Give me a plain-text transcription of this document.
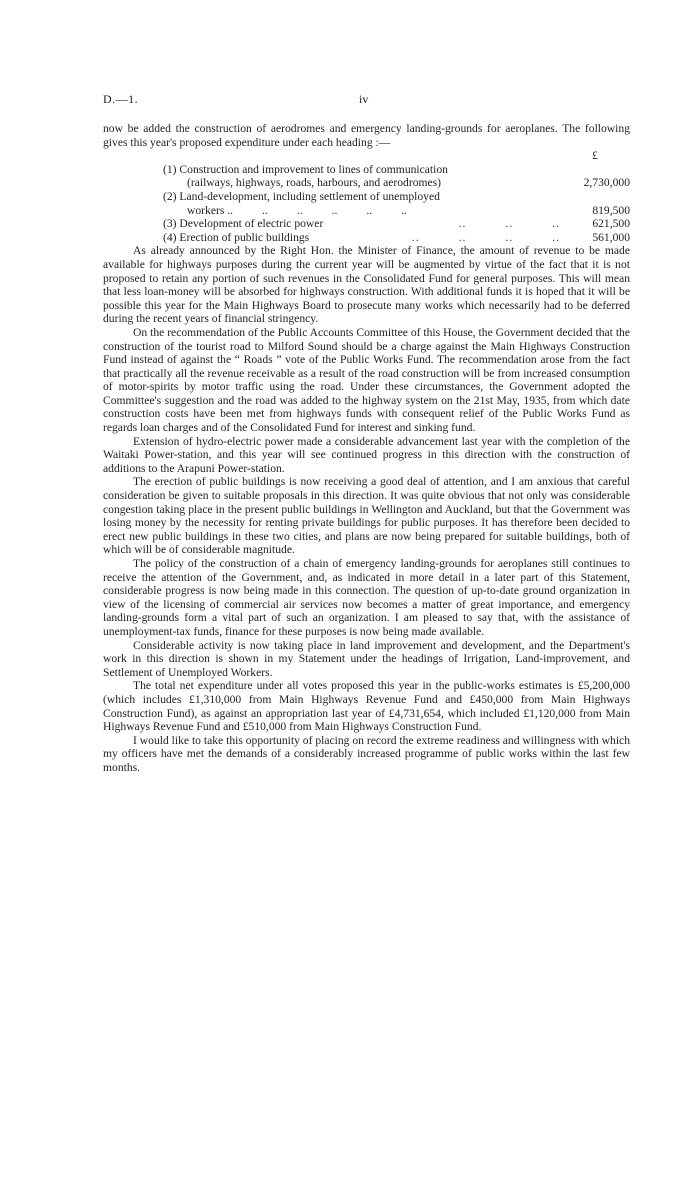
D.—1.	iv

now be added the construction of aerodromes and emergency landing-grounds for aeroplanes. The following gives this year's proposed expenditure under each heading :—

£
(1) Construction and improvement to lines of communication
(railways, highways, roads, harbours, and aerodromes)	2,730,000
(2) Land-development, including settlement of unemployed
workers ..          ..          ..          ..          ..          ..	819,500
(3) Development of electric power	..          ..          ..	621,500
(4) Erection of public buildings	..          ..          ..          ..	561,000

As already announced by the Right Hon. the Minister of Finance, the amount of revenue to be made available for highways purposes during the current year will be augmented by virtue of the fact that it is not proposed to retain any portion of such revenues in the Consolidated Fund for general purposes. This will mean that less loan-money will be absorbed for highways construction. With additional funds it is hoped that it will be possible this year for the Main Highways Board to prosecute many works which necessarily had to be deferred during the recent years of financial stringency.

On the recommendation of the Public Accounts Committee of this House, the Government decided that the construction of the tourist road to Milford Sound should be a charge against the Main Highways Construction Fund instead of against the “ Roads ” vote of the Public Works Fund. The recommendation arose from the fact that practically all the revenue receivable as a result of the road construction will be from increased consumption of motor-spirits by motor traffic using the road. Under these circumstances, the Government adopted the Committee's suggestion and the road was added to the highway system on the 21st May, 1935, from which date construction costs have been met from highways funds with consequent relief of the Public Works Fund as regards loan charges and of the Consolidated Fund for interest and sinking fund.

Extension of hydro-electric power made a considerable advancement last year with the completion of the Waitaki Power-station, and this year will see continued progress in this direction with the construction of additions to the Arapuni Power-station.

The erection of public buildings is now receiving a good deal of attention, and I am anxious that careful consideration be given to suitable proposals in this direction. It was quite obvious that not only was considerable congestion taking place in the present public buildings in Wellington and Auckland, but that the Government was losing money by the necessity for renting private buildings for public purposes. It has therefore been decided to erect new public buildings in these two cities, and plans are now being prepared for suitable buildings, both of which will be of considerable magnitude.

The policy of the construction of a chain of emergency landing-grounds for aeroplanes still continues to receive the attention of the Government, and, as indicated in more detail in a later part of this Statement, considerable progress is now being made in this connection. The question of up-to-date ground organization in view of the licensing of commercial air services now becomes a matter of great importance, and emergency landing-grounds form a vital part of such an organization. I am pleased to say that, with the assistance of unemployment-tax funds, finance for these purposes is now being made available.

Considerable activity is now taking place in land improvement and development, and the Department's work in this direction is shown in my Statement under the headings of Irrigation, Land-improvement, and Settlement of Unemployed Workers.

The total net expenditure under all votes proposed this year in the public-works estimates is £5,200,000 (which includes £1,310,000 from Main Highways Revenue Fund and £450,000 from Main Highways Construction Fund), as against an appropriation last year of £4,731,654, which included £1,120,000 from Main Highways Revenue Fund and £510,000 from Main Highways Construction Fund.

I would like to take this opportunity of placing on record the extreme readiness and willingness with which my officers have met the demands of a considerably increased programme of public works within the last few months.
